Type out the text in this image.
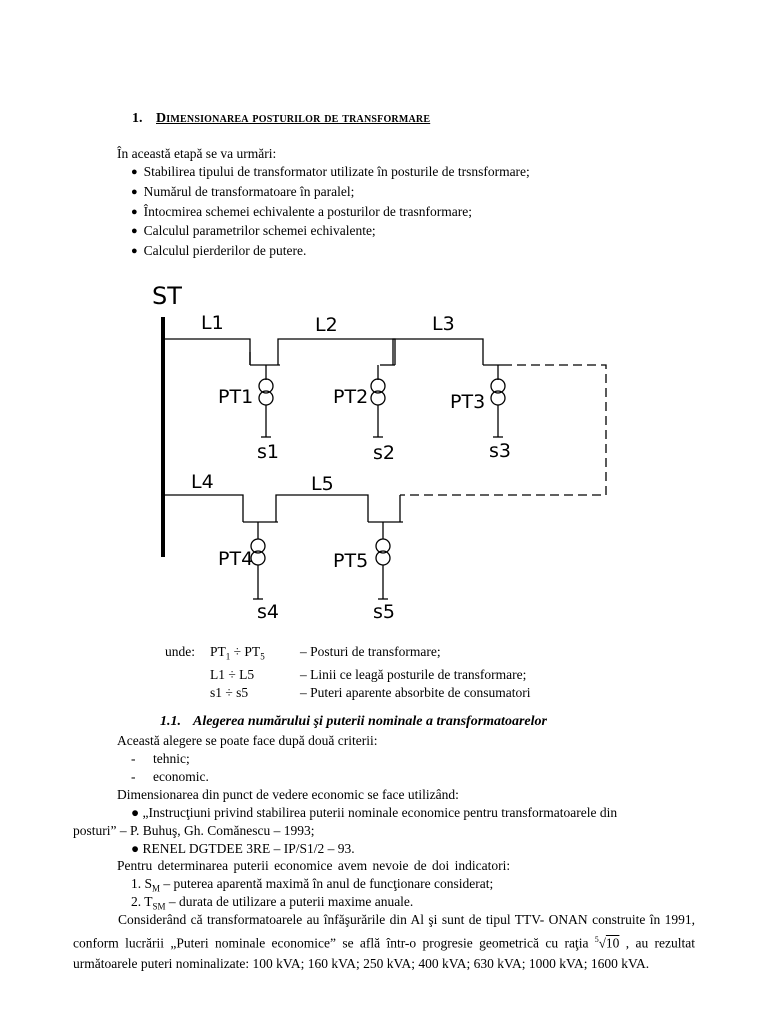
1. Dimensionarea posturilor de transformare
În această etapă se va urmări:
● Stabilirea tipului de transformator utilizate în posturile de trsnsformare;
● Numărul de transformatoare în paralel;
● Întocmirea schemei echivalente a posturilor de trasnformare;
● Calculul parametrilor schemei echivalente;
● Calculul pierderilor de putere.
ST
L1	L2	L3
L4	L5
PT1	PT2	PT3
PT4	PT5
s1	s2	s3
s4	s5
unde:	$PT_1 \div PT_5$	– Posturi de transformare;
	L1 ÷ L5	– Linii ce leagă posturile de transformare;
	s1 ÷ s5	– Puteri aparente absorbite de consumatori
1.1. Alegerea numărului şi puterii nominale a transformatoarelor
Această alegere se poate face după două criterii:
- tehnic;
- economic.
Dimensionarea din punct de vedere economic se face utilizând:
● „Instrucţiuni privind stabilirea puterii nominale economice pentru transformatoarele din
posturi” – P. Buhuş, Gh. Comănescu – 1993;
● RENEL DGTDEE 3RE – IP/S1/2 – 93.
Pentru determinarea puterii economice avem nevoie de doi indicatori:
1. $S_M$ – puterea aparentă maximă în anul de funcţionare considerat;
2. $T_{SM}$ – durata de utilizare a puterii maxime anuale.
Considerând că transformatoarele au înfăşurările din Al şi sunt de tipul TTV- ONAN construite în 1991, conform lucrării „Puteri nominale economice” se află într-o progresie geometrică cu raţia $^5$√10 , au rezultat următoarele puteri nominalizate: 100 kVA; 160 kVA; 250 kVA; 400 kVA; 630 kVA; 1000 kVA; 1600 kVA.
